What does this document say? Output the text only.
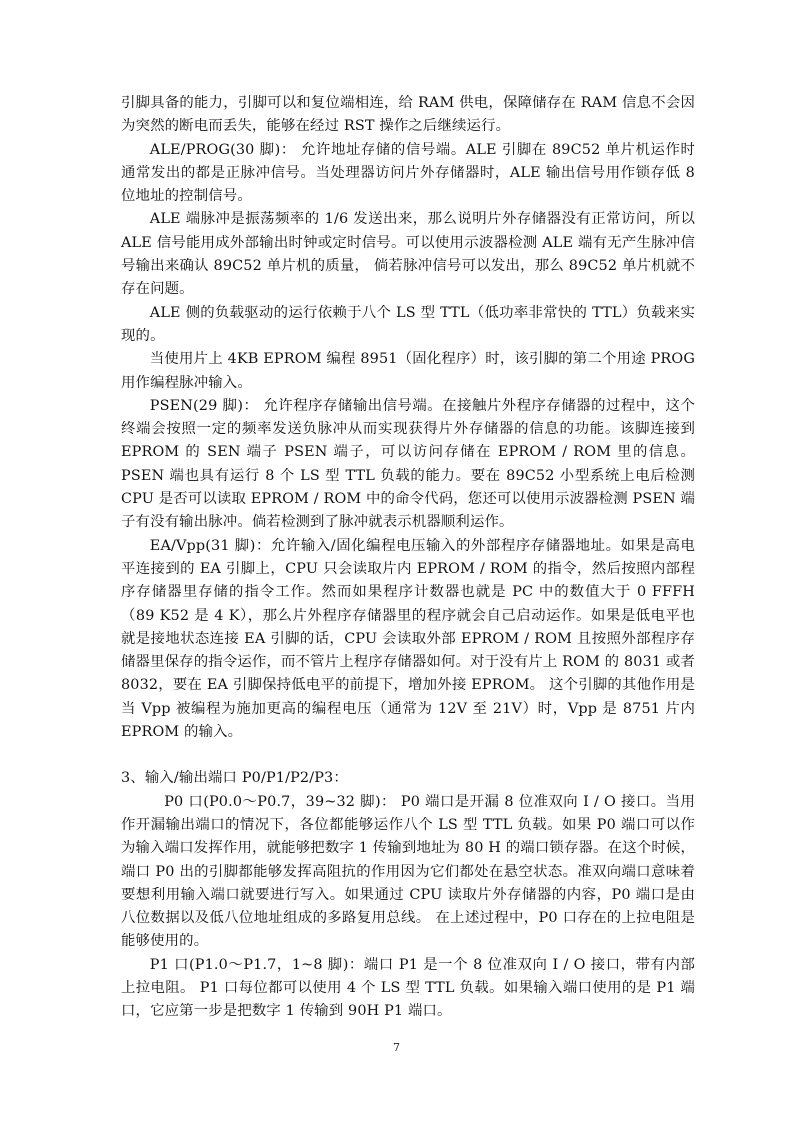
引脚具备的能力，引脚可以和复位端相连，给 RAM 供电，保障储存在 RAM 信息不会因为突然的断电而丢失，能够在经过 RST 操作之后继续运行。

ALE/PROG(30 脚)： 允许地址存储的信号端。ALE 引脚在 89C52 单片机运作时通常发出的都是正脉冲信号。当处理器访问片外存储器时，ALE 输出信号用作锁存低 8 位地址的控制信号。

ALE 端脉冲是振荡频率的 1/6 发送出来，那么说明片外存储器没有正常访问，所以 ALE 信号能用成外部输出时钟或定时信号。可以使用示波器检测 ALE 端有无产生脉冲信号输出来确认 89C52 单片机的质量， 倘若脉冲信号可以发出，那么 89C52 单片机就不存在问题。

ALE 侧的负载驱动的运行依赖于八个 LS 型 TTL（低功率非常快的 TTL）负载来实现的。

当使用片上 4KB EPROM 编程 8951（固化程序）时，该引脚的第二个用途 PROG 用作编程脉冲输入。

PSEN(29 脚)： 允许程序存储输出信号端。在接触片外程序存储器的过程中，这个终端会按照一定的频率发送负脉冲从而实现获得片外存储器的信息的功能。该脚连接到 EPROM 的 SEN 端子 PSEN 端子，可以访问存储在 EPROM / ROM 里的信息。 PSEN 端也具有运行 8 个 LS 型 TTL 负载的能力。要在 89C52 小型系统上电后检测 CPU 是否可以读取 EPROM / ROM 中的命令代码，您还可以使用示波器检测 PSEN 端子有没有输出脉冲。倘若检测到了脉冲就表示机器顺利运作。

EA/Vpp(31 脚)：允许输入/固化编程电压输入的外部程序存储器地址。如果是高电平连接到的 EA 引脚上，CPU 只会读取片内 EPROM / ROM 的指令，然后按照内部程序存储器里存储的指令工作。然而如果程序计数器也就是 PC 中的数值大于 0 FFFH（89 K52 是 4 K），那么片外程序存储器里的程序就会自己启动运作。如果是低电平也就是接地状态连接 EA 引脚的话，CPU 会读取外部 EPROM / ROM 且按照外部程序存储器里保存的指令运作，而不管片上程序存储器如何。对于没有片上 ROM 的 8031 或者 8032，要在 EA 引脚保持低电平的前提下，增加外接 EPROM。 这个引脚的其他作用是当 Vpp 被编程为施加更高的编程电压（通常为 12V 至 21V）时，Vpp 是 8751 片内 EPROM 的输入。

3、输入/输出端口 P0/P1/P2/P3：

P0 口(P0.0～P0.7，39~32 脚)： P0 端口是开漏 8 位准双向 I / O 接口。当用作开漏输出端口的情况下，各位都能够运作八个 LS 型 TTL 负载。如果 P0 端口可以作为输入端口发挥作用，就能够把数字 1 传输到地址为 80 H 的端口锁存器。在这个时候，端口 P0 出的引脚都能够发挥高阻抗的作用因为它们都处在悬空状态。准双向端口意味着要想利用输入端口就要进行写入。如果通过 CPU 读取片外存储器的内容，P0 端口是由八位数据以及低八位地址组成的多路复用总线。 在上述过程中，P0 口存在的上拉电阻是能够使用的。

P1 口(P1.0～P1.7，1~8 脚)：端口 P1 是一个 8 位准双向 I / O 接口，带有内部上拉电阻。 P1 口每位都可以使用 4 个 LS 型 TTL 负载。如果输入端口使用的是 P1 端口，它应第一步是把数字 1 传输到 90H P1 端口。

7
